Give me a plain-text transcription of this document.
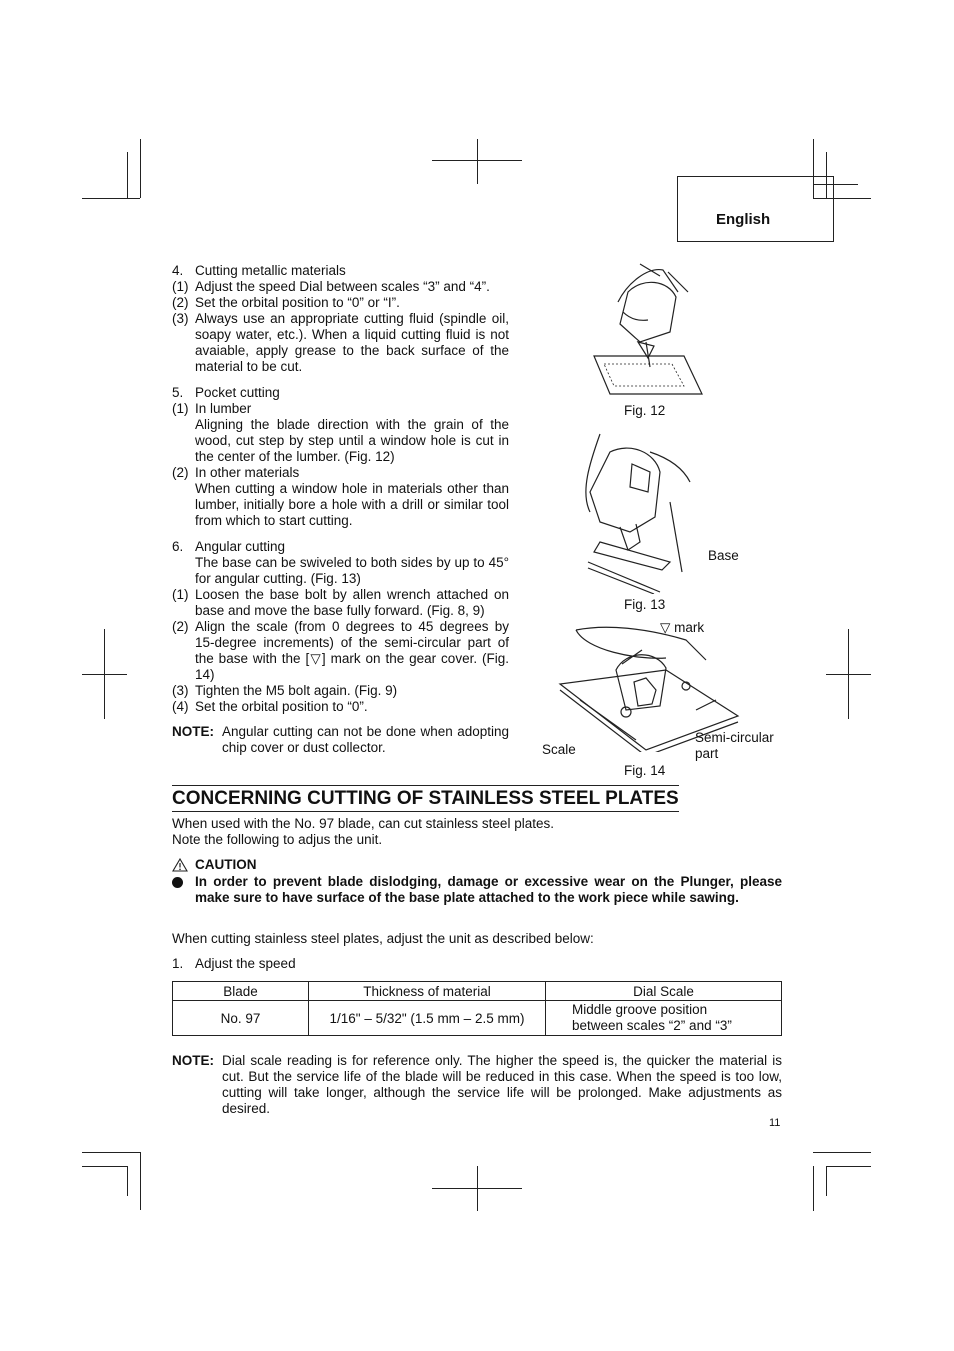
English
4. Cutting metallic materials
(1) Adjust the speed Dial between scales “3” and “4”.
(2) Set the orbital position to “0” or “I”.
(3) Always use an appropriate cutting fluid (spindle oil, soapy water, etc.). When a liquid cutting fluid is not avaiable, apply grease to the back surface of the material to be cut.
5. Pocket cutting
(1) In lumber
Aligning the blade direction with the grain of the wood, cut step by step until a window hole is cut in the center of the lumber. (Fig. 12)
(2) In other materials
When cutting a window hole in materials other than lumber, initially bore a hole with a drill or similar tool from which to start cutting.
6. Angular cutting
The base can be swiveled to both sides by up to 45° for angular cutting. (Fig. 13)
(1) Loosen the base bolt by allen wrench attached on base and move the base fully forward. (Fig. 8, 9)
(2) Align the scale (from 0 degrees to 45 degrees by 15-degree increments) of the semi-circular part of the base with the [▽] mark on the gear cover. (Fig. 14)
(3) Tighten the M5 bolt again. (Fig. 9)
(4) Set the orbital position to “0”.
NOTE: Angular cutting can not be done when adopting chip cover or dust collector.
Fig. 12
Base
Fig. 13
▽ mark
Scale
Semi-circular
part
Fig. 14
CONCERNING CUTTING OF STAINLESS STEEL PLATES
When used with the No. 97 blade, can cut stainless steel plates.
Note the following to adjus the unit.
CAUTION
In order to prevent blade dislodging, damage or excessive wear on the Plunger, please make sure to have surface of the base plate attached to the work piece while sawing.
When cutting stainless steel plates, adjust the unit as described below:
1. Adjust the speed
Blade	Thickness of material	Dial Scale
No. 97	1/16" – 5/32" (1.5 mm – 2.5 mm)	Middle groove position
between scales “2” and “3”
NOTE: Dial scale reading is for reference only. The higher the speed is, the quicker the material is cut. But the service life of the blade will be reduced in this case. When the speed is too low, cutting will take longer, although the service life will be prolonged. Make adjustments as desired.
11
